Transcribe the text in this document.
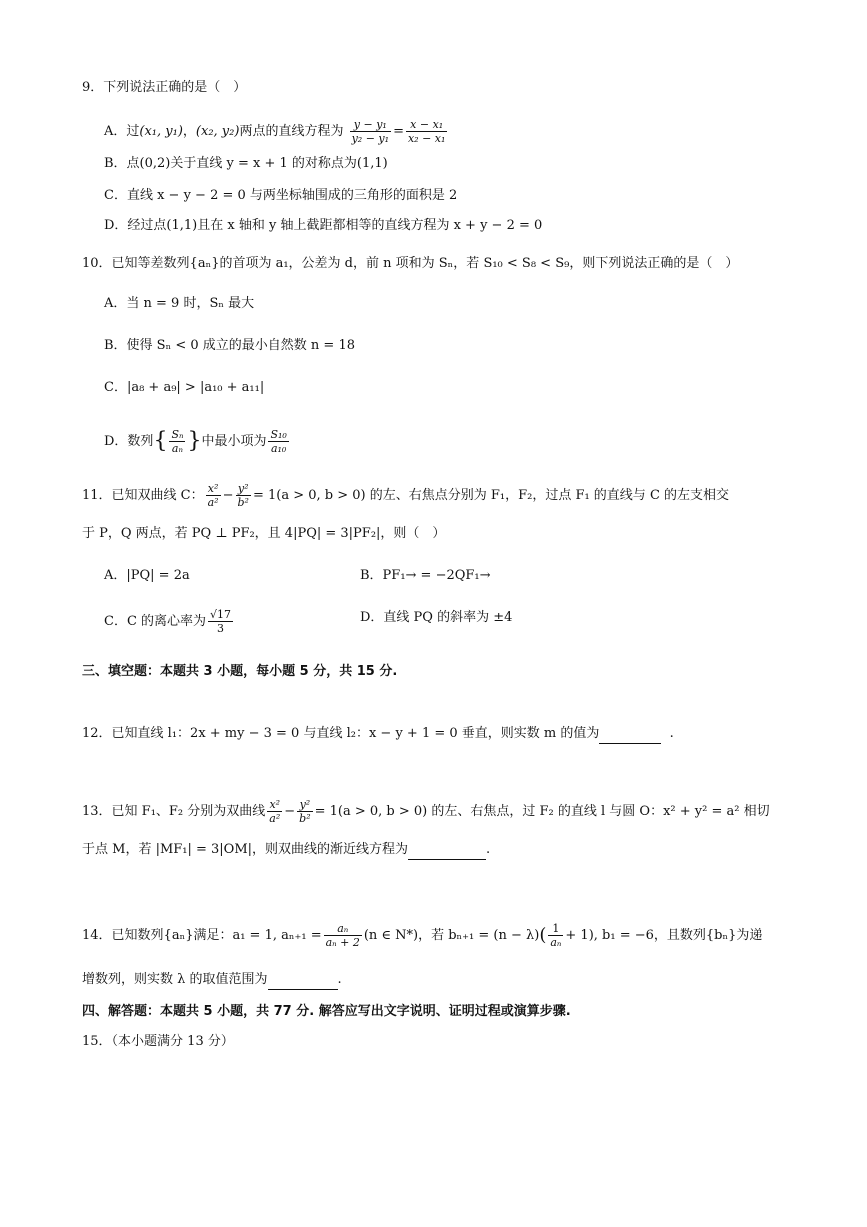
9．下列说法正确的是（　）
A．过(x₁, y₁)，(x₂, y₂)两点的直线方程为 $\frac{\text{y − y₁}}{\text{y₂ − y₁}} = \frac{\text{x − x₁}}{\text{x₂ − x₁}}$
B．点(0,2)关于直线 y = x + 1 的对称点为(1,1)
C．直线 x − y − 2 = 0 与两坐标轴围成的三角形的面积是 2
D．经过点(1,1)且在 x 轴和 y 轴上截距都相等的直线方程为 x + y − 2 = 0
10．已知等差数列{aₙ}的首项为 a₁，公差为 d，前 n 项和为 Sₙ，若 S₁₀ < S₈ < S₉，则下列说法正确的是（　）
A．当 n = 9 时，Sₙ 最大
B．使得 Sₙ < 0 成立的最小自然数 n = 18
C．|a₈ + a₉| > |a₁₀ + a₁₁|
D．数列{ $\frac{\text{Sₙ}}{\text{aₙ}}$ }中最小项为 $\frac{\text{S₁₀}}{\text{a₁₀}}$
11．已知双曲线 C： $\frac{\text{x²}}{\text{a²}} - \frac{\text{y²}}{\text{b²}} = 1(a > 0$, b > 0) 的左、右焦点分别为 F₁，F₂，过点 F₁ 的直线与 C 的左支相交
于 P，Q 两点，若 PQ ⊥ PF₂，且 4|PQ| = 3|PF₂|，则（　）
A．|PQ| = 2a	B．PF₁→ = −2QF₁→
C．C 的离心率为 $\frac{√17}{3}$	D．直线 PQ 的斜率为 ±4
三、填空题：本题共 3 小题，每小题 5 分，共 15 分.
12．已知直线 l₁：2x + my − 3 = 0 与直线 l₂：x − y + 1 = 0 垂直，则实数 m 的值为	.
13．已知 F₁、F₂ 分别为双曲线 $\frac{\text{x²}}{\text{a²}} - \frac{\text{y²}}{\text{b²}} = 1(a > 0$, b > 0) 的左、右焦点，过 F₂ 的直线 l 与圆 O：x² + y² = a² 相切
于点 M，若 |MF₁| = 3|OM|，则双曲线的渐近线方程为	.
14．已知数列{aₙ}满足：a₁ = 1, $a_{n+1} = \frac{\text{aₙ}}{\text{aₙ + 2}} (n$ ∈ N*)，若 $b_{n+1} = (n - \lambda)( \frac{1}{\text{aₙ}} + 1)$, b₁ = −6，且数列{bₙ}为递
增数列，则实数 λ 的取值范围为	.
四、解答题：本题共 5 小题，共 77 分. 解答应写出文字说明、证明过程或演算步骤.
15．（本小题满分 13 分）
